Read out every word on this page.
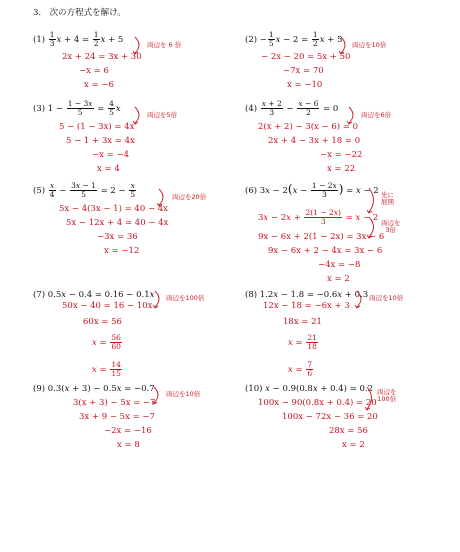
3.　次の方程式を解け。
$(1) \frac{1}{3}$ $x + 4 = \frac{1}{2}$ x + 5
両辺を 6 倍
2x + 24 = 3x + 30
−x = 6
x = −6
$(2) - \frac{1}{5}$ $x - 2 = \frac{1}{2}$ x + 5
両辺を10倍
− 2x − 20 = 5x + 50
−7x = 70
x = −10
(3) $1 - \frac{1 - 3x}{5} = \frac{4}{5}$ x
両辺を5倍
5 − (1 − 3x) = 4x
5 − 1 + 3x = 4x
−x = −4
x = 4
$(4) \frac{x + 2}{3} - \frac{x - 6}{2} = 0$
両辺を6倍
2(x + 2) − 3(x − 6) = 0
2x + 4 − 3x + 18 = 0
−x = −22
x = 22
$(5) \frac{x}{4} - \frac{3x - 1}{5} = 2 - \frac{x}{5}$	両辺を20倍
5x − 4(3x − 1) = 40 − 4x
5x − 12x + 4 = 40 − 4x
−3x = 36
x = −12
(6) $3x - 2(x - \frac{1 - 2x}{3}$ ) = x − 2
$3x - 2x + \frac{2(1 - 2x)}{3} = x - 2$
先に
展開
両辺を
3倍
9x − 6x + 2(1 − 2x) = 3x − 6
9x − 6x + 2 − 4x = 3x − 6
−4x = −8
x = 2
(7) 0.5x − 0.4 = 0.16 − 0.1x 両辺を100倍
50x − 40 = 16 − 10x
60x = 56
$x = \frac{56}{60}$
$x = \frac{14}{15}$
(8) 1.2x − 1.8 = −0.6x + 0.3 両辺を10倍
12x − 18 = −6x + 3
18x = 21
$x = \frac{21}{18}$
$x = \frac{7}{6}$
(9) 0.3(x + 3) − 0.5x = −0.7 両辺を10倍
3(x + 3) − 5x = −7
3x + 9 − 5x = −7
−2x = −16
x = 8
(10) x − 0.9(0.8x + 0.4) = 0.2 両辺を
100倍
100x − 90(0.8x + 0.4) = 20
100x − 72x − 36 = 20
28x = 56
x = 2
